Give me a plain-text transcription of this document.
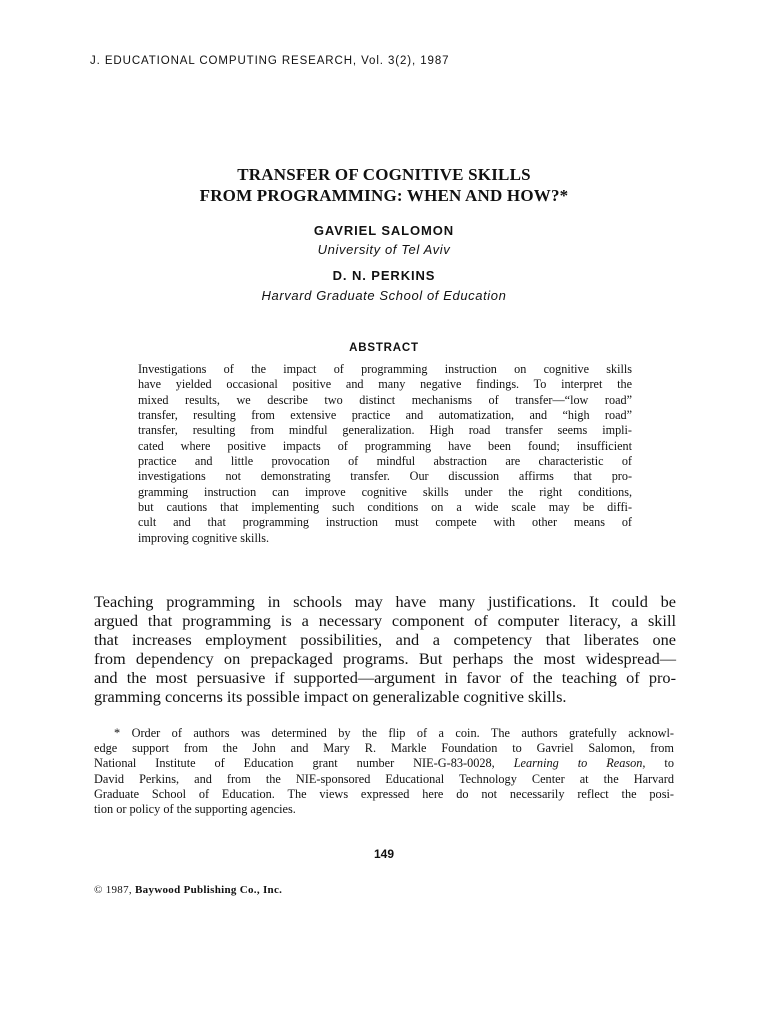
J. EDUCATIONAL COMPUTING RESEARCH, Vol. 3(2), 1987
TRANSFER OF COGNITIVE SKILLS
FROM PROGRAMMING: WHEN AND HOW?*
GAVRIEL SALOMON
University of Tel Aviv
D. N. PERKINS
Harvard Graduate School of Education
ABSTRACT
Investigations of the impact of programming instruction on cognitive skills
have yielded occasional positive and many negative findings. To interpret the
mixed results, we describe two distinct mechanisms of transfer—“low road”
transfer, resulting from extensive practice and automatization, and “high road”
transfer, resulting from mindful generalization. High road transfer seems impli-
cated where positive impacts of programming have been found; insufficient
practice and little provocation of mindful abstraction are characteristic of
investigations not demonstrating transfer. Our discussion affirms that pro-
gramming instruction can improve cognitive skills under the right conditions,
but cautions that implementing such conditions on a wide scale may be diffi-
cult and that programming instruction must compete with other means of
improving cognitive skills.
Teaching programming in schools may have many justifications. It could be
argued that programming is a necessary component of computer literacy, a skill
that increases employment possibilities, and a competency that liberates one
from dependency on prepackaged programs. But perhaps the most widespread—
and the most persuasive if supported—argument in favor of the teaching of pro-
gramming concerns its possible impact on generalizable cognitive skills.
* Order of authors was determined by the flip of a coin. The authors gratefully acknowl-
edge support from the John and Mary R. Markle Foundation to Gavriel Salomon, from
National Institute of Education grant number NIE-G-83-0028, Learning to Reason, to
David Perkins, and from the NIE-sponsored Educational Technology Center at the Harvard
Graduate School of Education. The views expressed here do not necessarily reflect the posi-
tion or policy of the supporting agencies.
149
© 1987, Baywood Publishing Co., Inc.
